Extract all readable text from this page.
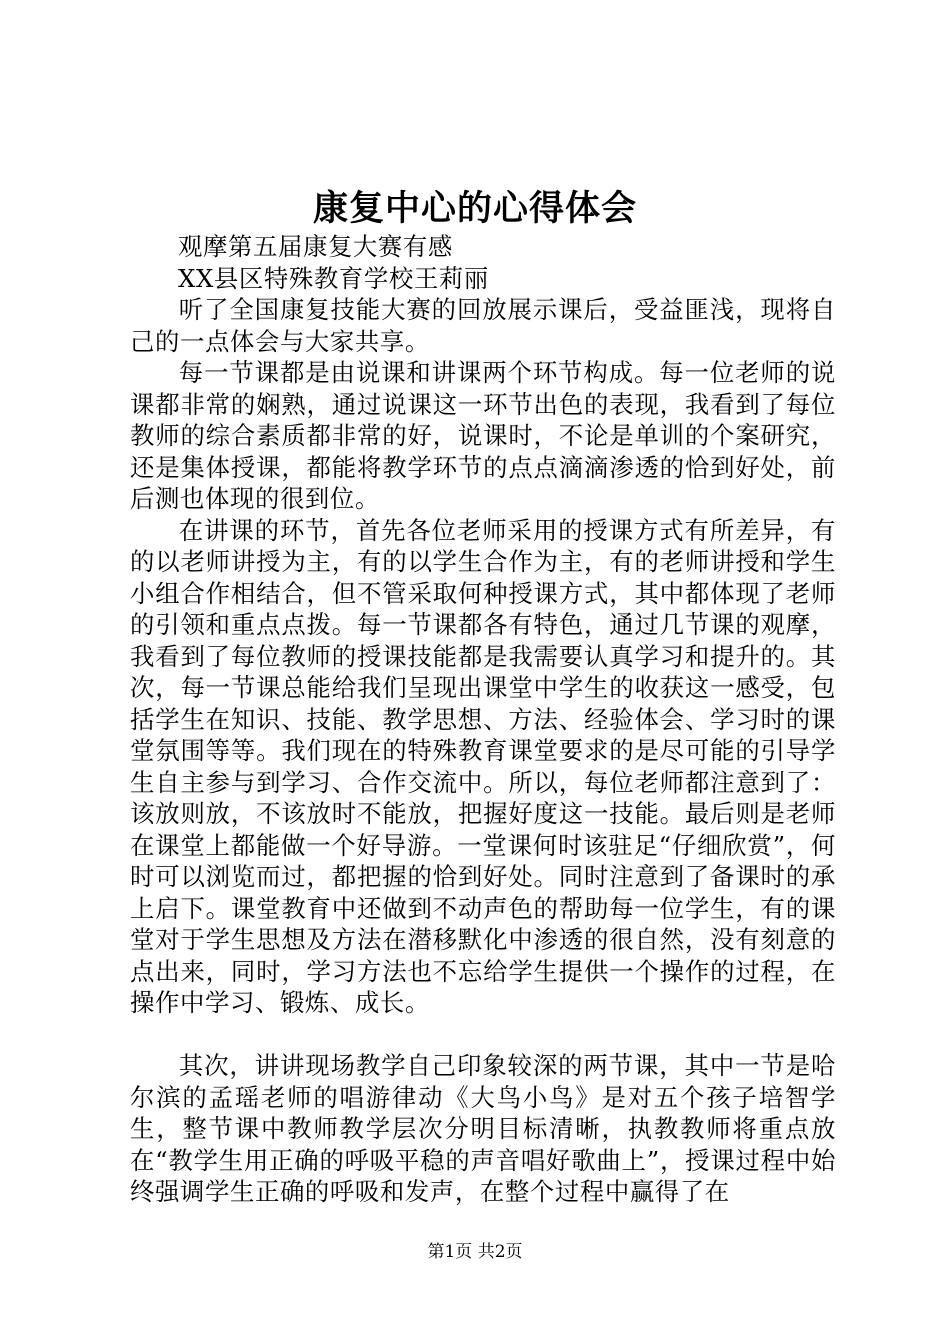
康复中心的心得体会
观摩第五届康复大赛有感
XX县区特殊教育学校王莉丽

听了全国康复技能大赛的回放展示课后，受益匪浅，现将自己的一点体会与大家共享。

每一节课都是由说课和讲课两个环节构成。每一位老师的说课都非常的娴熟，通过说课这一环节出色的表现，我看到了每位教师的综合素质都非常的好，说课时，不论是单训的个案研究，还是集体授课，都能将教学环节的点点滴滴渗透的恰到好处，前后测也体现的很到位。

在讲课的环节，首先各位老师采用的授课方式有所差异，有的以老师讲授为主，有的以学生合作为主，有的老师讲授和学生小组合作相结合，但不管采取何种授课方式，其中都体现了老师的引领和重点点拨。每一节课都各有特色，通过几节课的观摩，我看到了每位教师的授课技能都是我需要认真学习和提升的。其次，每一节课总能给我们呈现出课堂中学生的收获这一感受，包括学生在知识、技能、教学思想、方法、经验体会、学习时的课堂氛围等等。我们现在的特殊教育课堂要求的是尽可能的引导学生自主参与到学习、合作交流中。所以，每位老师都注意到了：该放则放，不该放时不能放，把握好度这一技能。最后则是老师在课堂上都能做一个好导游。一堂课何时该驻足“仔细欣赏”，何时可以浏览而过，都把握的恰到好处。同时注意到了备课时的承上启下。课堂教育中还做到不动声色的帮助每一位学生，有的课堂对于学生思想及方法在潜移默化中渗透的很自然，没有刻意的点出来，同时，学习方法也不忘给学生提供一个操作的过程，在操作中学习、锻炼、成长。

其次，讲讲现场教学自己印象较深的两节课，其中一节是哈尔滨的孟瑶老师的唱游律动《大鸟小鸟》是对五个孩子培智学生，整节课中教师教学层次分明目标清晰，执教教师将重点放在“教学生用正确的呼吸平稳的声音唱好歌曲上”，授课过程中始终强调学生正确的呼吸和发声，在整个过程中赢得了在

第1页 共2页
